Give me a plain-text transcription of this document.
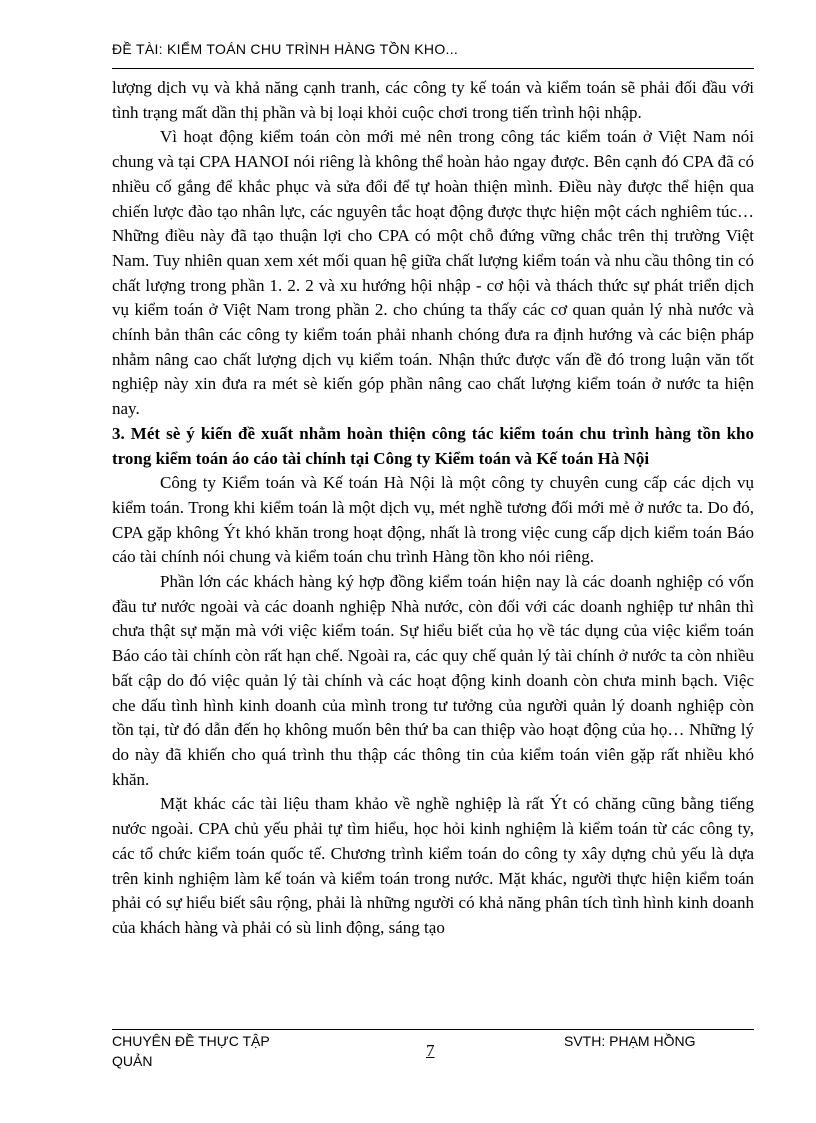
ĐỀ TÀI: KIỂM TOÁN CHU TRÌNH HÀNG TỒN KHO...

lượng dịch vụ và khả năng cạnh tranh, các công ty kế toán và kiểm toán sẽ phải đối đầu với tình trạng mất dần thị phần và bị loại khỏi cuộc chơi trong tiến trình hội nhập.

Vì hoạt động kiểm toán còn mới mẻ nên trong công tác kiểm toán ở Việt Nam nói chung và tại CPA HANOI nói riêng là không thể hoàn hảo ngay được. Bên cạnh đó CPA đã có nhiều cố gắng để khắc phục và sửa đổi để tự hoàn thiện mình. Điều này được thể hiện qua chiến lược đào tạo nhân lực, các nguyên tắc hoạt động được thực hiện một cách nghiêm túc… Những điều này đã tạo thuận lợi cho CPA có một chỗ đứng vững chắc trên thị trường Việt Nam. Tuy nhiên quan xem xét mối quan hệ giữa chất lượng kiểm toán và nhu cầu thông tin có chất lượng trong phần 1. 2. 2 và xu hướng hội nhập - cơ hội và thách thức sự phát triển dịch vụ kiểm toán ở Việt Nam trong phần 2. cho chúng ta thấy các cơ quan quản lý nhà nước và chính bản thân các công ty kiểm toán phải nhanh chóng đưa ra định hướng và các biện pháp nhằm nâng cao chất lượng dịch vụ kiểm toán. Nhận thức được vấn đề đó trong luận văn tốt nghiệp này xin đưa ra mét sè kiến góp phần nâng cao chất lượng kiểm toán ở nước ta hiện nay.

3. Mét sè ý kiến đề xuất nhằm hoàn thiện công tác kiểm toán chu trình hàng tồn kho trong kiểm toán áo cáo tài chính tại Công ty Kiểm toán và Kế toán Hà Nội

Công ty Kiểm toán và Kế toán Hà Nội là một công ty chuyên cung cấp các dịch vụ kiểm toán. Trong khi kiểm toán là một dịch vụ, mét nghề tương đối mới mẻ ở nước ta. Do đó, CPA gặp không Ýt khó khăn trong hoạt động, nhất là trong việc cung cấp dịch kiểm toán Báo cáo tài chính nói chung và kiểm toán chu trình Hàng tồn kho nói riêng.

Phần lớn các khách hàng ký hợp đồng kiểm toán hiện nay là các doanh nghiệp có vốn đầu tư nước ngoài và các doanh nghiệp Nhà nước, còn đối với các doanh nghiệp tư nhân thì chưa thật sự mặn mà với việc kiểm toán. Sự hiểu biết của họ về tác dụng của việc kiểm toán Báo cáo tài chính còn rất hạn chế. Ngoài ra, các quy chế quản lý tài chính ở nước ta còn nhiều bất cập do đó việc quản lý tài chính và các hoạt động kinh doanh còn chưa minh bạch. Việc che dấu tình hình kinh doanh của mình trong tư tưởng của người quản lý doanh nghiệp còn tồn tại, từ đó dẫn đến họ không muốn bên thứ ba can thiệp vào hoạt động của họ… Những lý do này đã khiến cho quá trình thu thập các thông tin của kiểm toán viên gặp rất nhiều khó khăn.

Mặt khác các tài liệu tham khảo về nghề nghiệp là rất Ýt có chăng cũng bằng tiếng nước ngoài. CPA chủ yếu phải tự tìm hiểu, học hỏi kinh nghiệm là kiểm toán từ các công ty, các tổ chức kiểm toán quốc tế. Chương trình kiểm toán do công ty xây dựng chủ yếu là dựa trên kinh nghiệm làm kế toán và kiểm toán trong nước. Mặt khác, người thực hiện kiểm toán phải có sự hiểu biết sâu rộng, phải là những người có khả năng phân tích tình hình kinh doanh của khách hàng và phải có sù linh động, sáng tạo

CHUYÊN ĐỀ THỰC TẬP QUẢN
7	SVTH: PHẠM HỒNG
